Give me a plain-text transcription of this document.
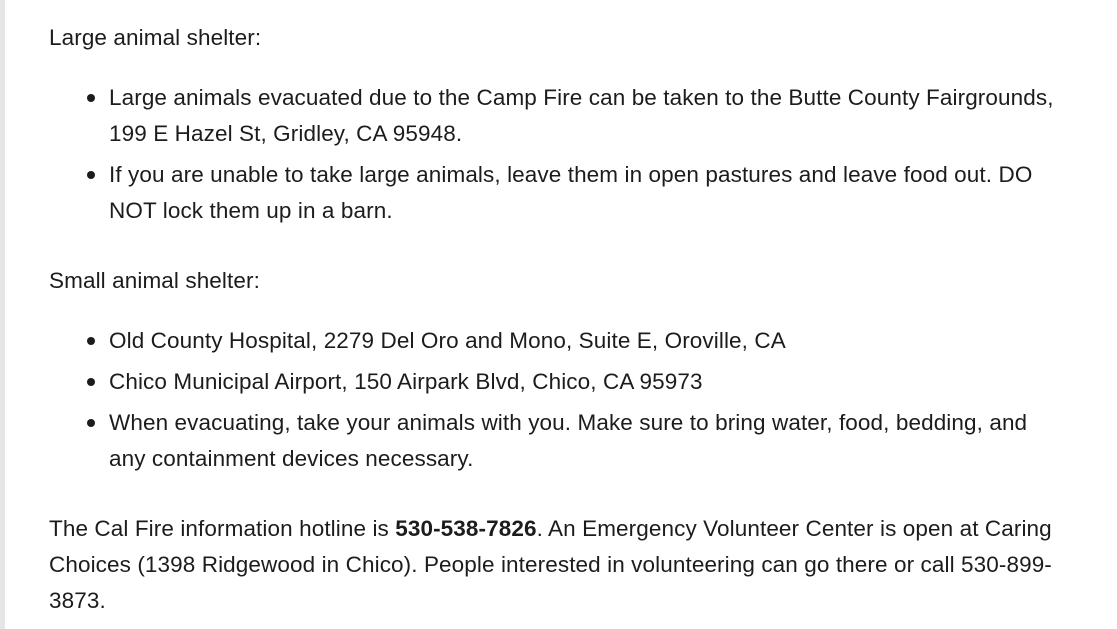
Large animal shelter:

Large animals evacuated due to the Camp Fire can be taken to the Butte County Fairgrounds, 199 E Hazel St, Gridley, CA 95948.
If you are unable to take large animals, leave them in open pastures and leave food out. DO NOT lock them up in a barn.

Small animal shelter:

Old County Hospital, 2279 Del Oro and Mono, Suite E, Oroville, CA
Chico Municipal Airport, 150 Airpark Blvd, Chico, CA 95973
When evacuating, take your animals with you. Make sure to bring water, food, bedding, and any containment devices necessary.

The Cal Fire information hotline is 530-538-7826. An Emergency Volunteer Center is open at Caring Choices (1398 Ridgewood in Chico). People interested in volunteering can go there or call 530-899-3873.
